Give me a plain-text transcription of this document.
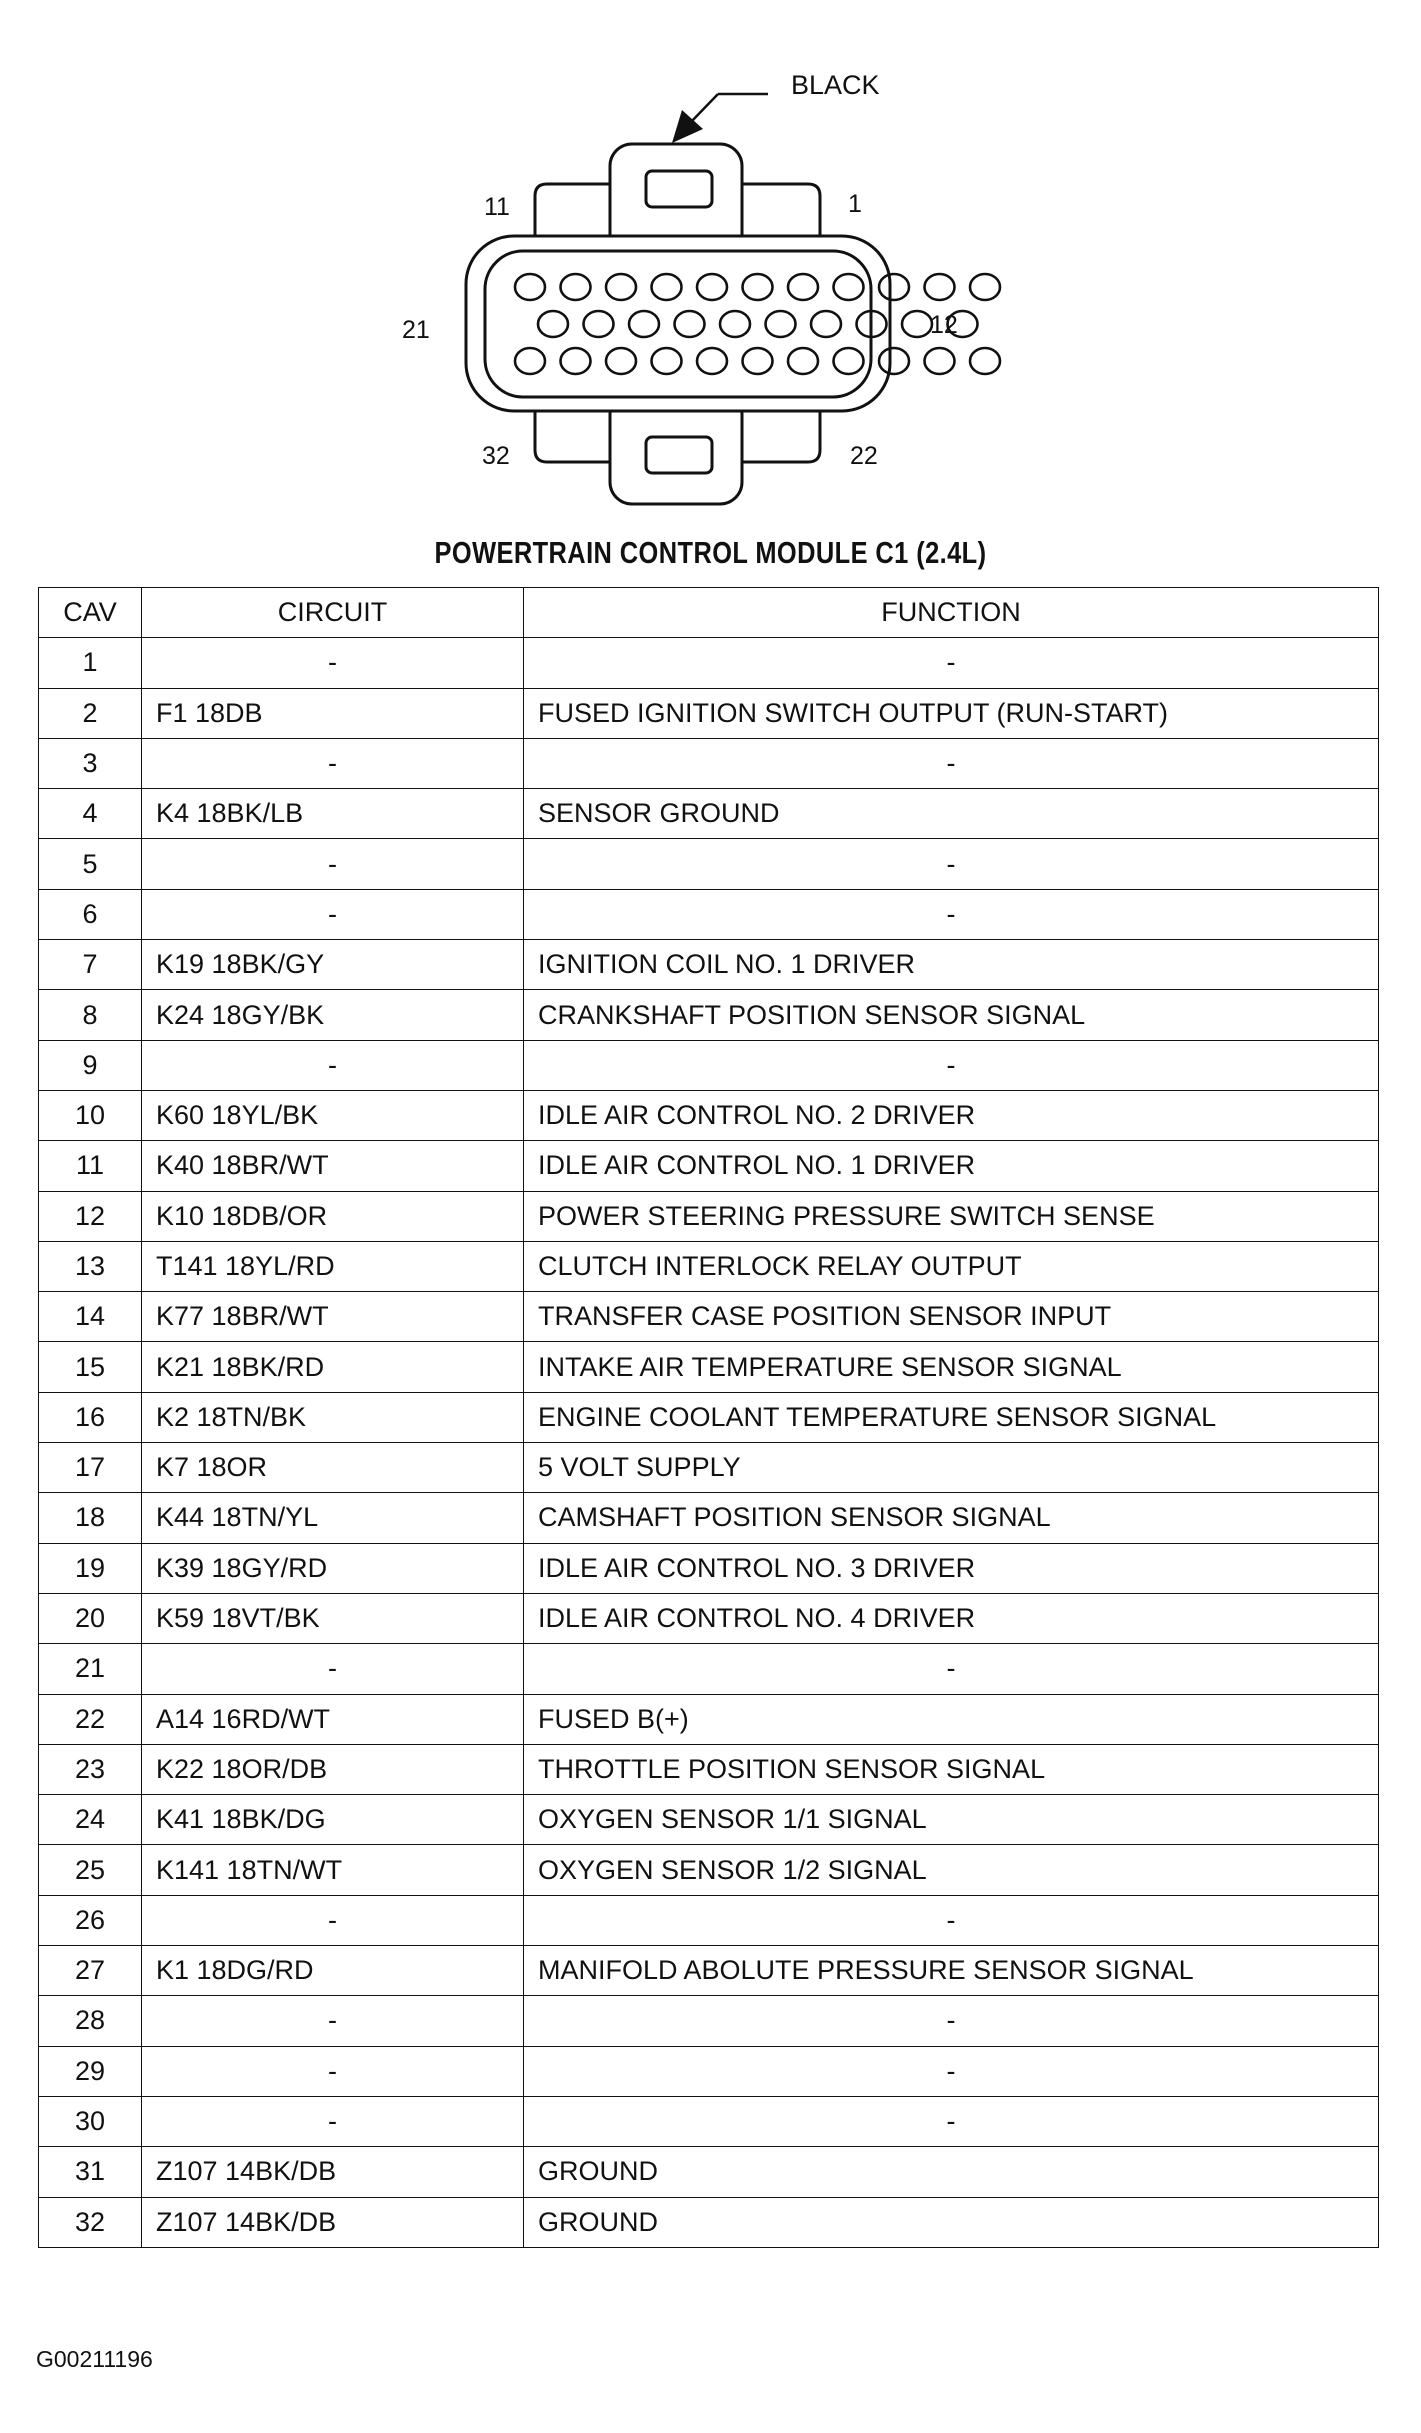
BLACK
11	1
21	12
32	22
POWERTRAIN CONTROL MODULE C1 (2.4L)
CAV	CIRCUIT	FUNCTION
1	-	-
2	F1 18DB	FUSED IGNITION SWITCH OUTPUT (RUN-START)
3	-	-
4	K4 18BK/LB	SENSOR GROUND
5	-	-
6	-	-
7	K19 18BK/GY	IGNITION COIL NO. 1 DRIVER
8	K24 18GY/BK	CRANKSHAFT POSITION SENSOR SIGNAL
9	-	-
10	K60 18YL/BK	IDLE AIR CONTROL NO. 2 DRIVER
11	K40 18BR/WT	IDLE AIR CONTROL NO. 1 DRIVER
12	K10 18DB/OR	POWER STEERING PRESSURE SWITCH SENSE
13	T141 18YL/RD	CLUTCH INTERLOCK RELAY OUTPUT
14	K77 18BR/WT	TRANSFER CASE POSITION SENSOR INPUT
15	K21 18BK/RD	INTAKE AIR TEMPERATURE SENSOR SIGNAL
16	K2 18TN/BK	ENGINE COOLANT TEMPERATURE SENSOR SIGNAL
17	K7 18OR	5 VOLT SUPPLY
18	K44 18TN/YL	CAMSHAFT POSITION SENSOR SIGNAL
19	K39 18GY/RD	IDLE AIR CONTROL NO. 3 DRIVER
20	K59 18VT/BK	IDLE AIR CONTROL NO. 4 DRIVER
21	-	-
22	A14 16RD/WT	FUSED B(+)
23	K22 18OR/DB	THROTTLE POSITION SENSOR SIGNAL
24	K41 18BK/DG	OXYGEN SENSOR 1/1 SIGNAL
25	K141 18TN/WT	OXYGEN SENSOR 1/2 SIGNAL
26	-	-
27	K1 18DG/RD	MANIFOLD ABOLUTE PRESSURE SENSOR SIGNAL
28	-	-
29	-	-
30	-	-
31	Z107 14BK/DB	GROUND
32	Z107 14BK/DB	GROUND
G00211196
